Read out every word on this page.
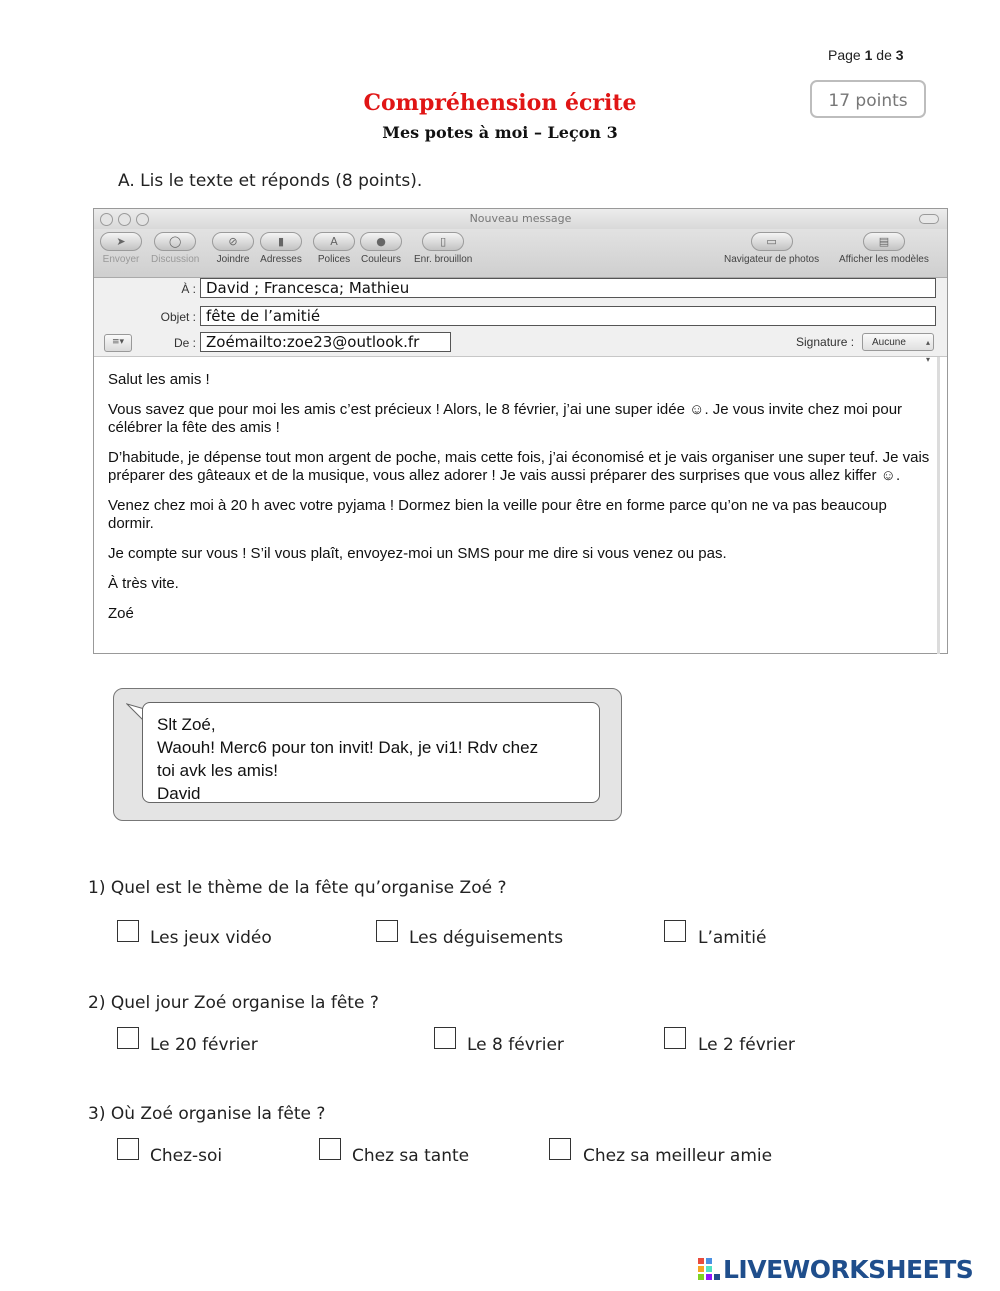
Page 1 de 3
17 points
Compréhension écrite
Mes potes à moi – Leçon 3
A. Lis le texte et réponds (8 points).
Nouveau message
➤
Envoyer
◯
Discussion
⊘
Joindre
▮
Adresses
A
Polices
●
Couleurs
▯
Enr. brouillon
▭
Navigateur de photos
▤
Afficher les modèles
À : David ; Francesca; Mathieu
Objet : fête de l’amitié
≡▾	De : Zoémailto:zoe23@outlook.fr	Signature :	Aucune	▴
▾

Salut les amis !

Vous savez que pour moi les amis c’est précieux ! Alors, le 8 février, j’ai une super idée ☺. Je vous invite chez moi pour célébrer la fête des amis !

D’habitude, je dépense tout mon argent de poche, mais cette fois, j’ai économisé et je vais organiser une super teuf. Je vais préparer des gâteaux et de la musique, vous allez adorer ! Je vais aussi préparer des surprises que vous allez kiffer ☺.

Venez chez moi à 20 h avec votre pyjama ! Dormez bien la veille pour être en forme parce qu’on ne va pas beaucoup dormir.

Je compte sur vous ! S’il vous plaît, envoyez-moi un SMS pour me dire si vous venez ou pas.

À très vite.

Zoé

Slt Zoé,
Waouh! Merc6 pour ton invit! Dak, je vi1! Rdv chez
toi avk les amis!
David
1) Quel est le thème de la fête qu’organise Zoé ?
Les jeux vidéo	Les déguisements	L’amitié
2) Quel jour Zoé organise la fête ?
Le 20 février	Le 8 février	Le 2 février
3) Où Zoé organise la fête ?
Chez-soi	Chez sa tante	Chez sa meilleur amie
LIVEWORKSHEETS
